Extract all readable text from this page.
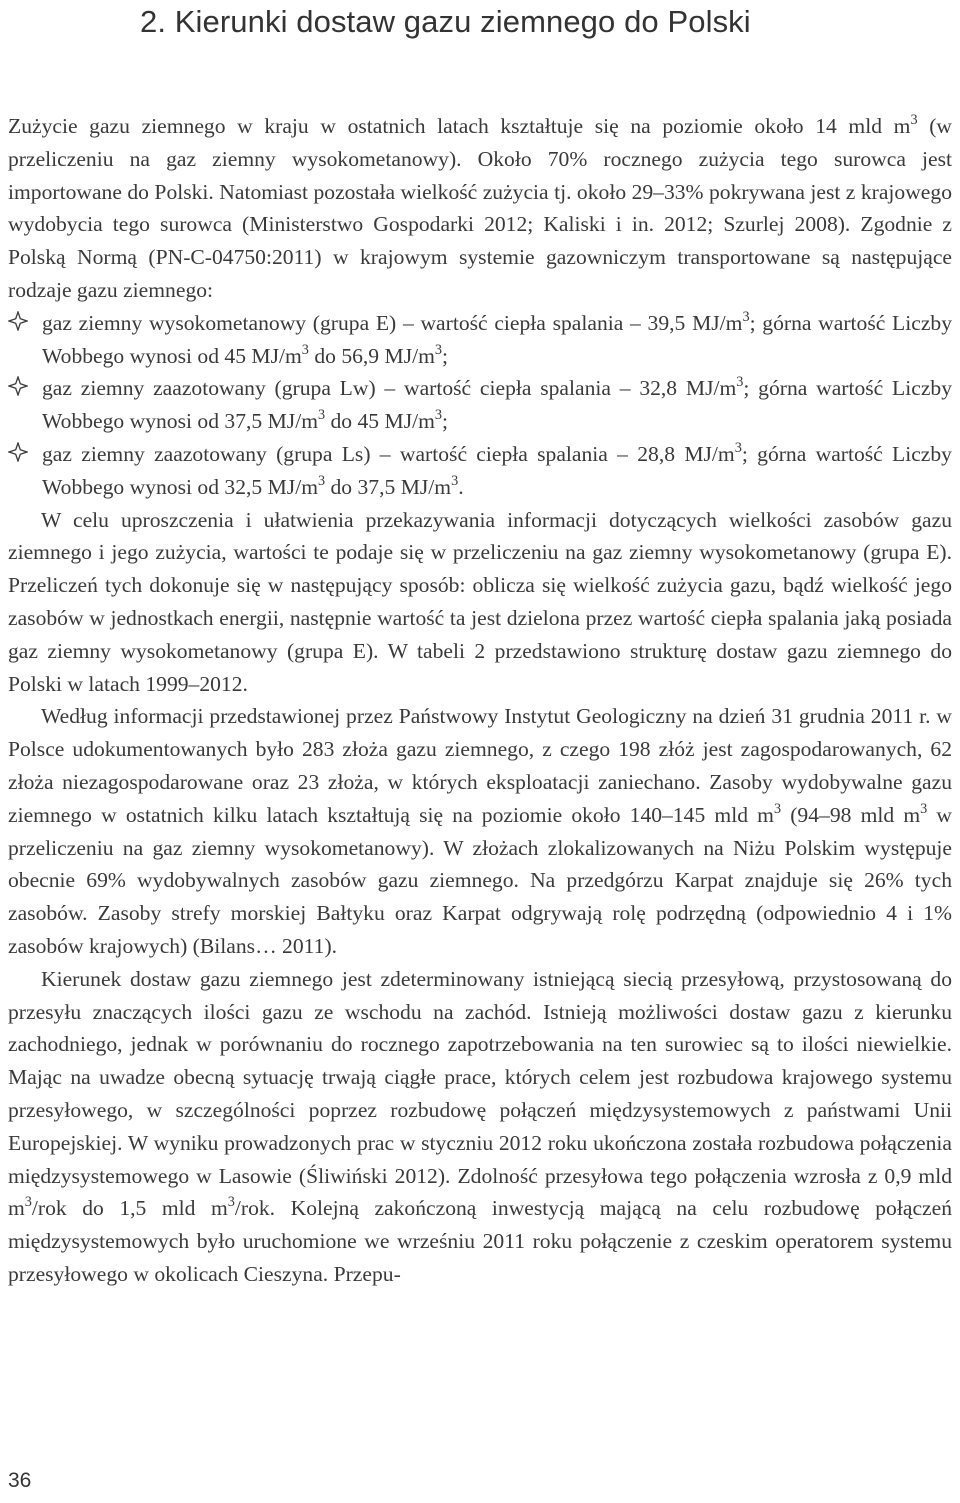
2. Kierunki dostaw gazu ziemnego do Polski

Zużycie gazu ziemnego w kraju w ostatnich latach kształtuje się na poziomie około 14 mld $m^3$ (w przeliczeniu na gaz ziemny wysokometanowy). Około 70% rocznego zużycia tego surowca jest importowane do Polski. Natomiast pozostała wielkość zużycia tj. około 29–33% pokrywana jest z krajowego wydobycia tego surowca (Ministerstwo Gospodarki 2012; Kaliski i in. 2012; Szurlej 2008). Zgodnie z Polską Normą (PN-C-04750:2011) w krajowym systemie gazowniczym transportowane są następujące rodzaje gazu ziemnego:

gaz ziemny wysokometanowy (grupa E) – wartość ciepła spalania – 39,5 $MJ/m^3$; górna wartość Liczby Wobbego wynosi od 45 $MJ/m^3$ do 56,9 $MJ/m^3$;
gaz ziemny zaazotowany (grupa Lw) – wartość ciepła spalania – 32,8 $MJ/m^3$; górna wartość Liczby Wobbego wynosi od 37,5 $MJ/m^3$ do 45 $MJ/m^3$;
gaz ziemny zaazotowany (grupa Ls) – wartość ciepła spalania – 28,8 $MJ/m^3$; górna wartość Liczby Wobbego wynosi od 32,5 $MJ/m^3$ do 37,5 $MJ/m^3$.

W celu uproszczenia i ułatwienia przekazywania informacji dotyczących wielkości zasobów gazu ziemnego i jego zużycia, wartości te podaje się w przeliczeniu na gaz ziemny wysokometanowy (grupa E). Przeliczeń tych dokonuje się w następujący sposób: oblicza się wielkość zużycia gazu, bądź wielkość jego zasobów w jednostkach energii, następnie wartość ta jest dzielona przez wartość ciepła spalania jaką posiada gaz ziemny wysokometanowy (grupa E). W tabeli 2 przedstawiono strukturę dostaw gazu ziemnego do Polski w latach 1999–2012.

Według informacji przedstawionej przez Państwowy Instytut Geologiczny na dzień 31 grudnia 2011 r. w Polsce udokumentowanych było 283 złoża gazu ziemnego, z czego 198 złóż jest zagospodarowanych, 62 złoża niezagospodarowane oraz 23 złoża, w których eksploatacji zaniechano. Zasoby wydobywalne gazu ziemnego w ostatnich kilku latach kształtują się na poziomie około 140–145 mld $m^3$ (94–98 mld $m^3$ w przeliczeniu na gaz ziemny wysokometanowy). W złożach zlokalizowanych na Niżu Polskim występuje obecnie 69% wydobywalnych zasobów gazu ziemnego. Na przedgórzu Karpat znajduje się 26% tych zasobów. Zasoby strefy morskiej Bałtyku oraz Karpat odgrywają rolę podrzędną (odpowiednio 4 i 1% zasobów krajowych) (Bilans… 2011).

Kierunek dostaw gazu ziemnego jest zdeterminowany istniejącą siecią przesyłową, przystosowaną do przesyłu znaczących ilości gazu ze wschodu na zachód. Istnieją możliwości dostaw gazu z kierunku zachodniego, jednak w porównaniu do rocznego zapotrzebowania na ten surowiec są to ilości niewielkie. Mając na uwadze obecną sytuację trwają ciągłe prace, których celem jest rozbudowa krajowego systemu przesyłowego, w szczególności poprzez rozbudowę połączeń międzysystemowych z państwami Unii Europejskiej. W wyniku prowadzonych prac w styczniu 2012 roku ukończona została rozbudowa połączenia międzysystemowego w Lasowie (Śliwiński 2012). Zdolność przesyłowa tego połączenia wzrosła z 0,9 mld $m^3$/rok do 1,5 mld $m^3$/rok. Kolejną zakończoną inwestycją mającą na celu rozbudowę połączeń międzysystemowych było uruchomione we wrześniu 2011 roku połączenie z czeskim operatorem systemu przesyłowego w okolicach Cieszyna. Przepu-

36
